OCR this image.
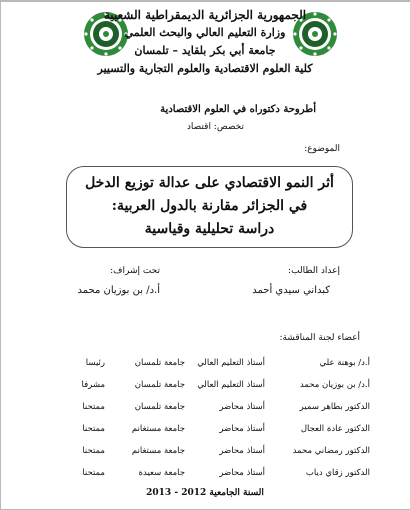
الجمهورية الجزائرية الديمقراطية الشعبية
وزارة التعليم العالي والبحث العلمي
جامعة أبي بكر بلقايد – تلمسان
كلية العلوم الاقتصادية والعلوم التجارية والتسيير
أطروحة دكتوراه في العلوم الاقتصادية
تخصص: اقتصاد
الموضوع:
أثر النمو الاقتصادي على عدالة توزيع الدخل
في الجزائر مقارنة بالدول العربية:
دراسة تحليلية وقياسية
إعداد الطالب:
كبداني سيدي أحمد
تحت إشراف:
أ.د/ بن بوزيان محمد
أعضاء لجنة المناقشة:
أ.د/ بوهنة علي
أستاذ التعليم العالي
جامعة تلمسان
رئيسا
أ.د/ بن بوزيان محمد
أستاذ التعليم العالي
جامعة تلمسان
مشرفا
الدكتور بطاهر سمير
أستاذ محاضر
جامعة تلمسان
ممتحنا
الدكتور عادة العجال
أستاذ محاضر
جامعة مستغانم
ممتحنا
الدكتور رمضاني محمد
أستاذ محاضر
جامعة مستغانم
ممتحنا
الدكتور زقاي دياب
أستاذ محاضر
جامعة سعيدة
ممتحنا
السنة الجامعية 2012 - 2013
